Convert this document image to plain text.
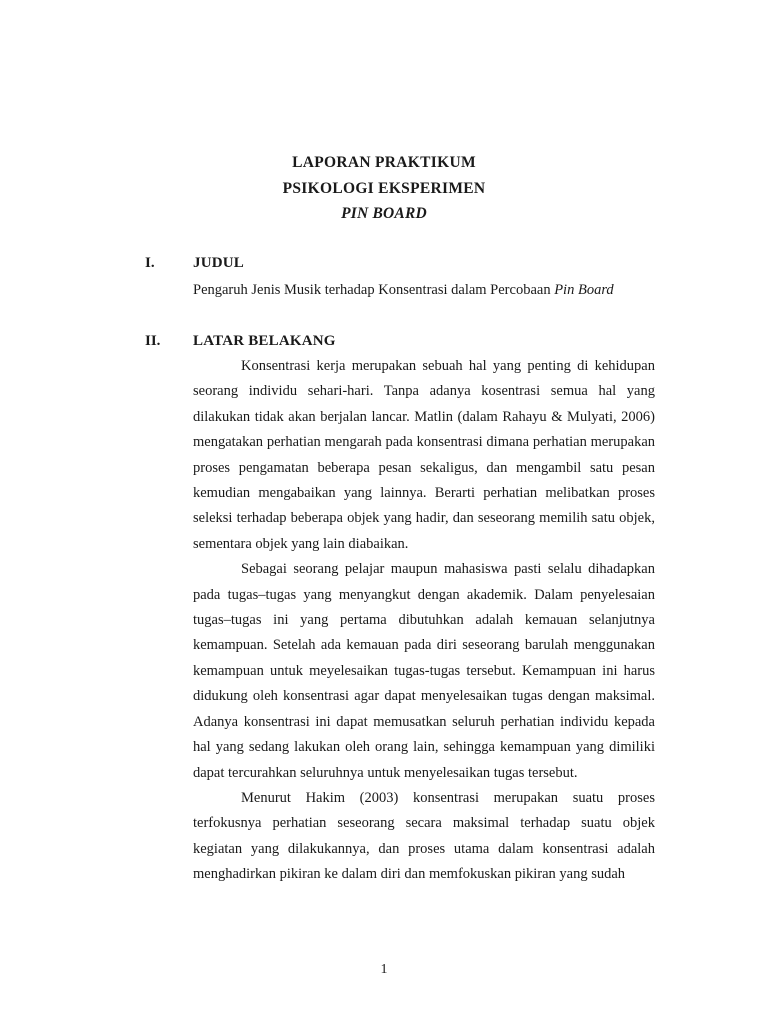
LAPORAN PRAKTIKUM
PSIKOLOGI EKSPERIMEN
PIN BOARD
I.	JUDUL
Pengaruh Jenis Musik terhadap Konsentrasi dalam Percobaan Pin Board
II. LATAR BELAKANG

Konsentrasi kerja merupakan sebuah hal yang penting di kehidupan seorang individu sehari-hari. Tanpa adanya kosentrasi semua hal yang dilakukan tidak akan berjalan lancar. Matlin (dalam Rahayu & Mulyati, 2006) mengatakan perhatian mengarah pada konsentrasi dimana perhatian merupakan proses pengamatan beberapa pesan sekaligus, dan mengambil satu pesan kemudian mengabaikan yang lainnya. Berarti perhatian melibatkan proses seleksi terhadap beberapa objek yang hadir, dan seseorang memilih satu objek, sementara objek yang lain diabaikan.

Sebagai seorang pelajar maupun mahasiswa pasti selalu dihadapkan pada tugas–tugas yang menyangkut dengan akademik. Dalam penyelesaian tugas–tugas ini yang pertama dibutuhkan adalah kemauan selanjutnya kemampuan. Setelah ada kemauan pada diri seseorang barulah menggunakan kemampuan untuk meyelesaikan tugas-tugas tersebut. Kemampuan ini harus didukung oleh konsentrasi agar dapat menyelesaikan tugas dengan maksimal. Adanya konsentrasi ini dapat memusatkan seluruh perhatian individu kepada hal yang sedang lakukan oleh orang lain, sehingga kemampuan yang dimiliki dapat tercurahkan seluruhnya untuk menyelesaikan tugas tersebut.

Menurut Hakim (2003) konsentrasi merupakan suatu proses terfokusnya perhatian seseorang secara maksimal terhadap suatu objek kegiatan yang dilakukannya, dan proses utama dalam konsentrasi adalah menghadirkan pikiran ke dalam diri dan memfokuskan pikiran yang sudah

1
